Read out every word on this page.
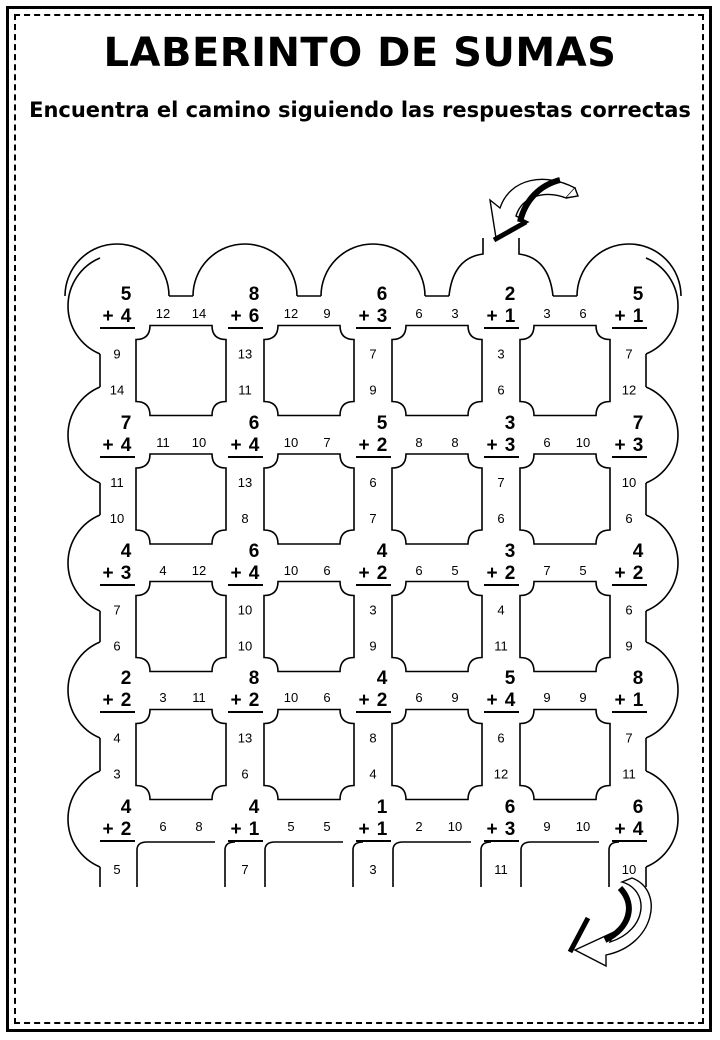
LABERINTO DE SUMAS
Encuentra el camino siguiendo las respuestas correctas
5
+ 4
8
+ 6
6
+ 3
2
+ 1
5
+ 1
7
+ 4
6
+ 4
5
+ 2
3
+ 3
7
+ 3
4
+ 3
6
+ 4
4
+ 2
3
+ 2
4
+ 2
2
+ 2
8
+ 2
4
+ 2
5
+ 4
8
+ 1
4
+ 2
4
+ 1
1
+ 1
6
+ 3
6
+ 4
12 14	12 9	6 3	3 6
11 10	10 7	8 8	6 10
4 12	10 6	6 5	7 5
3 11	10 6	6 9	9 9
6 8	5 5	2 10	9 10
9
14
13
11
7
9
3
6
7
12
11
10
13
8
6
7
7
6
10
6
7
6
10
10
3
9
4
11
6
9
4
3
13
6
8
4
6
12
7
11
5	7	3	11	10
